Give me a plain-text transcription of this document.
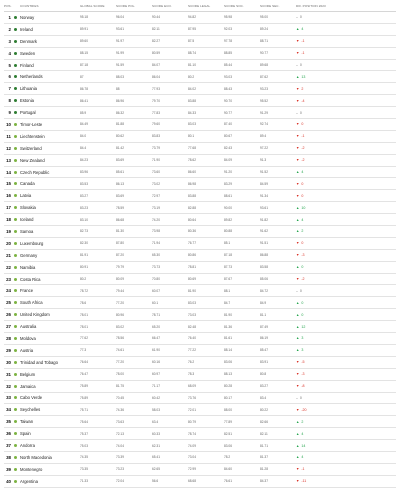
POS.	COUNTRIES	GLOBAL SCORE	SCORE POL.	SCORE ECO.	SCORE LEGAL	SCORE SOC.	SCORE SEC.	DIF. POSITION 2023
1 Norway	95.18	96.04	90.44	94.82	95.98	95.00	– 0
2 Ireland	89.91	93.61	82.11	87.95	92.03	89.24	▲ 4
3 Denmark	89.60	91.97	82.27	87.5	97.78	88.71	▼ -1
4 Sweden	88.15	91.99	80.59	88.74	88.85	90.77	▼ -1
5 Finland	87.18	91.59	84.07	81.10	85.44	89.68	– 0
6 Netherlands	87	88.03	86.04	80.2	93.03	87.62	▲ 13
7 Lithuania	86.78	88	77.93	84.02	88.43	93.23	▼ 2
8 Estonia	86.41	86.96	79.70	83.88	90.70	95.52	▼ -4
9 Portugal	85.9	86.32	77.83	84.33	90.77	91.29	– 0
10 Timor-Leste	84.49	81.88	79.60	83.03	87.40	92.74	▼ 0
11 Liechtenstein	84.0	80.62	83.83	80.1	80.67	89.4	▼ -1
12 Switzerland	84.4	81.42	73.79	77.68	82.43	97.22	▼ -2
13 New Zealand	84.23	83.69	71.90	78.62	84.09	91.3	▼ -2
14 Czech Republic	83.96	85.61	73.60	86.60	91.20	91.52	▲ 4
15 Canada	83.53	86.13	73.02	86.98	83.29	84.59	▼ 0
16 Latvia	83.27	83.69	72.97	83.88	88.61	91.34	▼ 0
17 Slovakia	83.23	78.59	73.19	82.88	90.00	93.61	▲ 10
18 Iceland	83.10	86.68	74.20	80.64	89.82	91.82	▲ 4
19 Samoa	82.73	81.30	73.98	80.36	80.88	91.62	▲ 2
20 Luxembourg	82.30	87.80	71.94	76.77	85.1	91.51	▼ 0
21 Germany	81.91	87.20	65.30	80.86	87.18	86.88	▼ -3
22 Namibia	80.91	79.79	73.73	78.81	87.73	83.58	▲ 0
23 Costa Rica	80.2	80.09	70.80	80.69	87.67	85.06	▼ -2
24 France	78.72	79.44	60.07	81.90	88.1	84.72	– 0
25 South Africa	78.6	77.20	60.1	83.03	84.7	84.9	▲ 0
26 United Kingdom	78.01	80.96	78.71	73.03	81.90	81.1	▲ 0
27 Australia	78.01	83.02	65.20	82.48	81.36	87.49	▲ 12
28 Moldova	77.62	78.56	66.47	76.40	81.61	86.19	▲ 3
29 Austria	77.3	74.61	61.90	77.22	88.14	85.47	▲ 3
30 Trinidad and Tobago	76.64	77.20	60.16	76.2	83.06	83.91	▼ -5
31 Belgium	76.47	78.00	60.97	78.3	88.13	80.8	▼ -3
32 Jamaica	75.89	81.75	71.17	68.09	80.28	83.27	▼ -8
33 Cabo Verde	75.89	70.45	60.42	73.76	80.17	83.4	– 0
34 Seychelles	75.71	74.36	58.03	72.01	88.00	80.22	▼ -20
35 Taiwan	75.64	73.63	63.4	80.79	77.89	82.66	▲ 2
36 Spain	75.37	72.13	60.33	78.74	82.51	82.11	▲ 4
37 Andorra	75.03	74.04	62.31	74.09	83.06	81.71	▲ 14
38 North Macedonia	74.35	73.39	65.41	73.04	78.2	81.37	▲ 4
39 Montenegro	73.35	73.23	62.65	72.99	84.60	81.28	▼ -1
40 Argentina	71.33	72.04	56.6	68.68	76.61	84.37	▼ -11
